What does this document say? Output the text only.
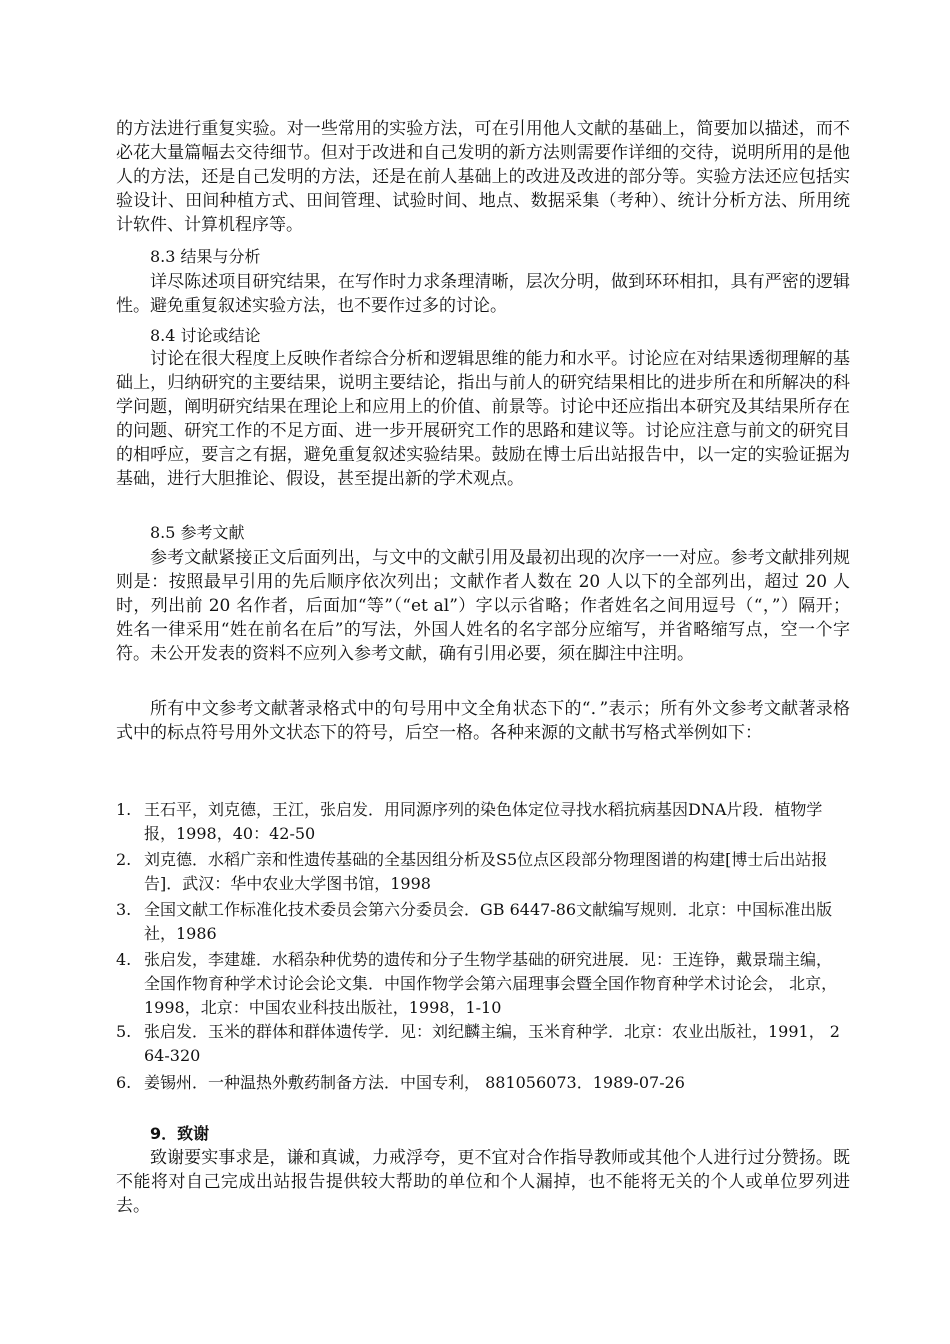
的方法进行重复实验。对一些常用的实验方法，可在引用他人文献的基础上，简要加以描述，而不必花大量篇幅去交待细节。但对于改进和自己发明的新方法则需要作详细的交待，说明所用的是他人的方法，还是自己发明的方法，还是在前人基础上的改进及改进的部分等。实验方法还应包括实验设计、田间种植方式、田间管理、试验时间、地点、数据采集（考种）、统计分析方法、所用统计软件、计算机程序等。
8.3 结果与分析
详尽陈述项目研究结果，在写作时力求条理清晰，层次分明，做到环环相扣，具有严密的逻辑性。避免重复叙述实验方法，也不要作过多的讨论。
8.4 讨论或结论
讨论在很大程度上反映作者综合分析和逻辑思维的能力和水平。讨论应在对结果透彻理解的基础上，归纳研究的主要结果，说明主要结论，指出与前人的研究结果相比的进步所在和所解决的科学问题，阐明研究结果在理论上和应用上的价值、前景等。讨论中还应指出本研究及其结果所存在的问题、研究工作的不足方面、进一步开展研究工作的思路和建议等。讨论应注意与前文的研究目的相呼应，要言之有据，避免重复叙述实验结果。鼓励在博士后出站报告中，以一定的实验证据为基础，进行大胆推论、假设，甚至提出新的学术观点。
8.5 参考文献
参考文献紧接正文后面列出，与文中的文献引用及最初出现的次序一一对应。参考文献排列规则是：按照最早引用的先后顺序依次列出；文献作者人数在 20 人以下的全部列出，超过 20 人时，列出前 20 名作者，后面加“等”（“et al”）字以示省略；作者姓名之间用逗号（“，”）隔开；姓名一律采用“姓在前名在后”的写法，外国人姓名的名字部分应缩写，并省略缩写点，空一个字符。未公开发表的资料不应列入参考文献，确有引用必要，须在脚注中注明。
所有中文参考文献著录格式中的句号用中文全角状态下的“．”表示；所有外文参考文献著录格式中的标点符号用外文状态下的符号，后空一格。各种来源的文献书写格式举例如下：
1. 王石平，刘克德，王江，张启发．用同源序列的染色体定位寻找水稻抗病基因DNA片段．植物学报，1998，40：42-50
2. 刘克德．水稻广亲和性遗传基础的全基因组分析及S5位点区段部分物理图谱的构建[博士后出站报告]．武汉：华中农业大学图书馆，1998
3. 全国文献工作标准化技术委员会第六分委员会．GB 6447-86文献编写规则．北京：中国标准出版社，1986
4. 张启发，李建雄．水稻杂种优势的遗传和分子生物学基础的研究进展．见：王连铮，戴景瑞主编， 全国作物育种学术讨论会论文集．中国作物学会第六届理事会暨全国作物育种学术讨论会， 北京， 1998，北京：中国农业科技出版社，1998，1-10
5. 张启发．玉米的群体和群体遗传学．见：刘纪麟主编，玉米育种学．北京：农业出版社，1991， 264-320
6. 姜锡州．一种温热外敷药制备方法．中国专利， 881056073．1989-07-26
9．致谢
致谢要实事求是，谦和真诚，力戒浮夸，更不宜对合作指导教师或其他个人进行过分赞扬。既不能将对自己完成出站报告提供较大帮助的单位和个人漏掉，也不能将无关的个人或单位罗列进去。
